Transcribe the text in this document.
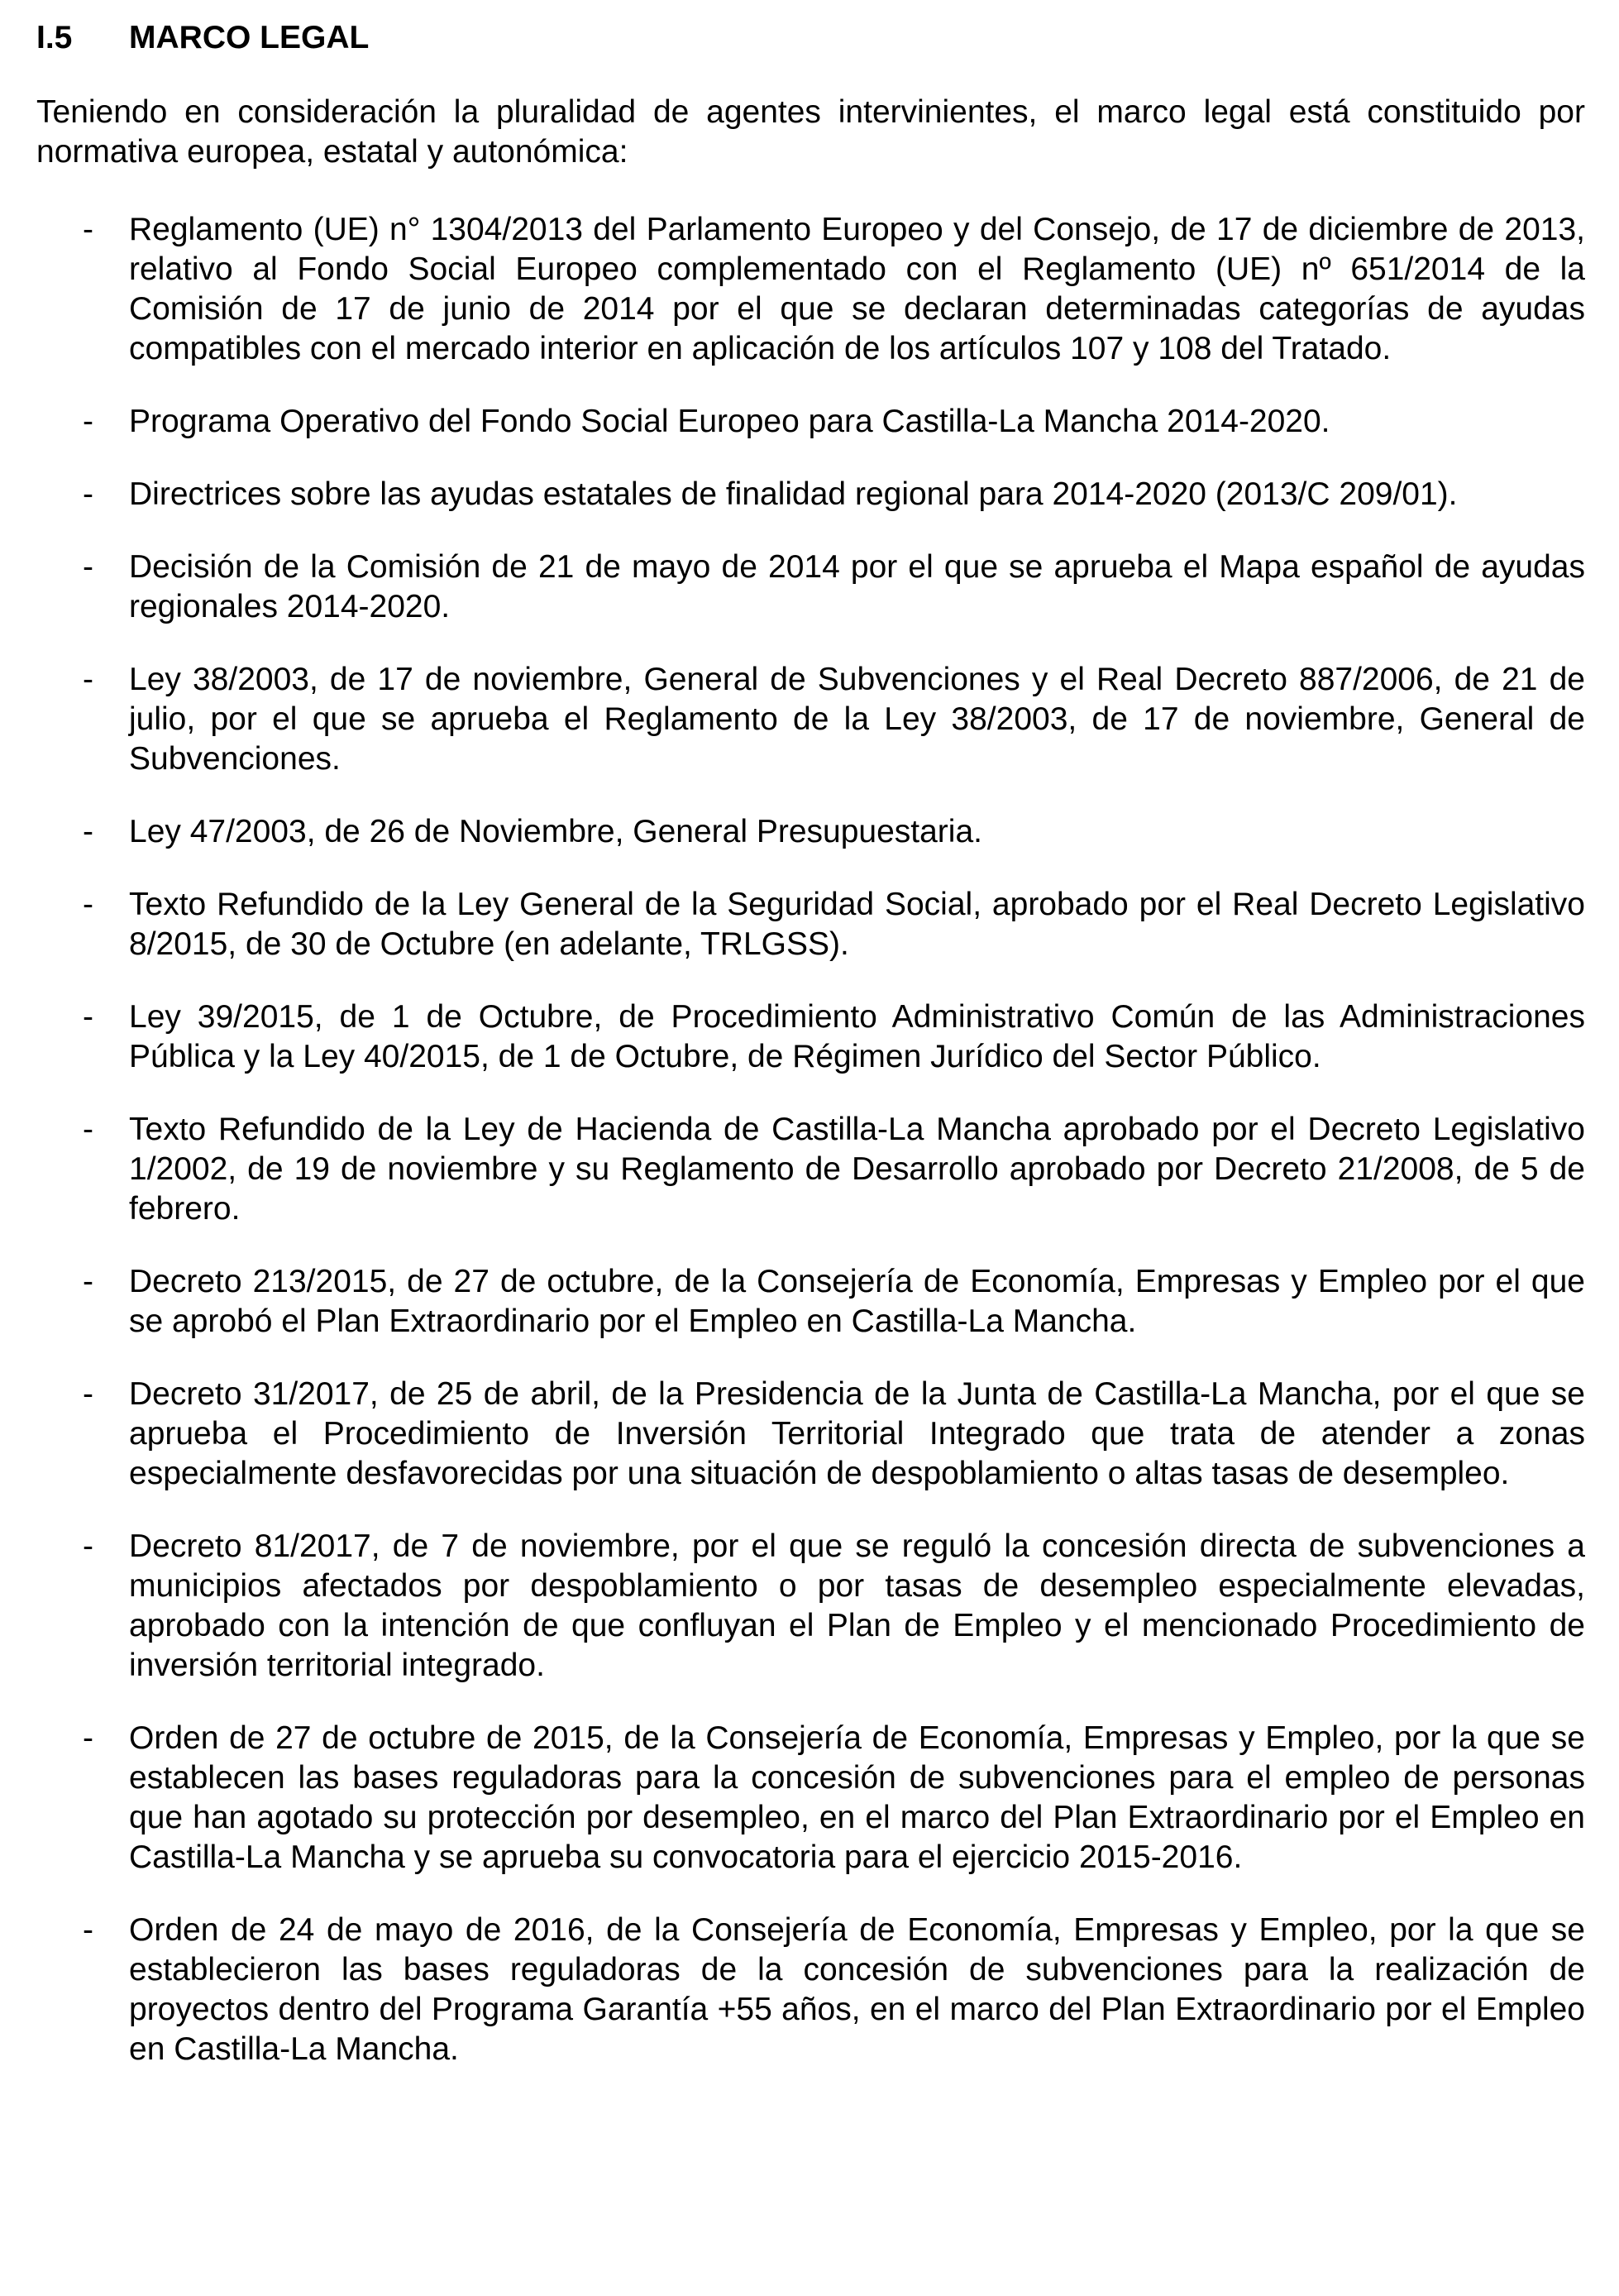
I.5	MARCO LEGAL

Teniendo en consideración la pluralidad de agentes intervinientes, el marco legal está constituido por normativa europea, estatal y autonómica:

- Reglamento (UE) n° 1304/2013 del Parlamento Europeo y del Consejo, de 17 de diciembre de 2013, relativo al Fondo Social Europeo complementado con el Reglamento (UE) nº 651/2014 de la Comisión de 17 de junio de 2014 por el que se declaran determinadas categorías de ayudas compatibles con el mercado interior en aplicación de los artículos 107 y 108 del Tratado.
- Programa Operativo del Fondo Social Europeo para Castilla-La Mancha 2014-2020.
- Directrices sobre las ayudas estatales de finalidad regional para 2014-2020 (2013/C 209/01).
- Decisión de la Comisión de 21 de mayo de 2014 por el que se aprueba el Mapa español de ayudas regionales 2014-2020.
- Ley 38/2003, de 17 de noviembre, General de Subvenciones y el Real Decreto 887/2006, de 21 de julio, por el que se aprueba el Reglamento de la Ley 38/2003, de 17 de noviembre, General de Subvenciones.
- Ley 47/2003, de 26 de Noviembre, General Presupuestaria.
- Texto Refundido de la Ley General de la Seguridad Social, aprobado por el Real Decreto Legislativo 8/2015, de 30 de Octubre (en adelante, TRLGSS).
- Ley 39/2015, de 1 de Octubre, de Procedimiento Administrativo Común de las Administraciones Pública y la Ley 40/2015, de 1 de Octubre, de Régimen Jurídico del Sector Público.
- Texto Refundido de la Ley de Hacienda de Castilla-La Mancha aprobado por el Decreto Legislativo 1/2002, de 19 de noviembre y su Reglamento de Desarrollo aprobado por Decreto 21/2008, de 5 de febrero.
- Decreto 213/2015, de 27 de octubre, de la Consejería de Economía, Empresas y Empleo por el que se aprobó el Plan Extraordinario por el Empleo en Castilla-La Mancha.
- Decreto 31/2017, de 25 de abril, de la Presidencia de la Junta de Castilla-La Mancha, por el que se aprueba el Procedimiento de Inversión Territorial Integrado que trata de atender a zonas especialmente desfavorecidas por una situación de despoblamiento o altas tasas de desempleo.
- Decreto 81/2017, de 7 de noviembre, por el que se reguló la concesión directa de subvenciones a municipios afectados por despoblamiento o por tasas de desempleo especialmente elevadas, aprobado con la intención de que confluyan el Plan de Empleo y el mencionado Procedimiento de inversión territorial integrado.
- Orden de 27 de octubre de 2015, de la Consejería de Economía, Empresas y Empleo, por la que se establecen las bases reguladoras para la concesión de subvenciones para el empleo de personas que han agotado su protección por desempleo, en el marco del Plan Extraordinario por el Empleo en Castilla-La Mancha y se aprueba su convocatoria para el ejercicio 2015-2016.
- Orden de 24 de mayo de 2016, de la Consejería de Economía, Empresas y Empleo, por la que se establecieron las bases reguladoras de la concesión de subvenciones para la realización de proyectos dentro del Programa Garantía +55 años, en el marco del Plan Extraordinario por el Empleo en Castilla-La Mancha.
